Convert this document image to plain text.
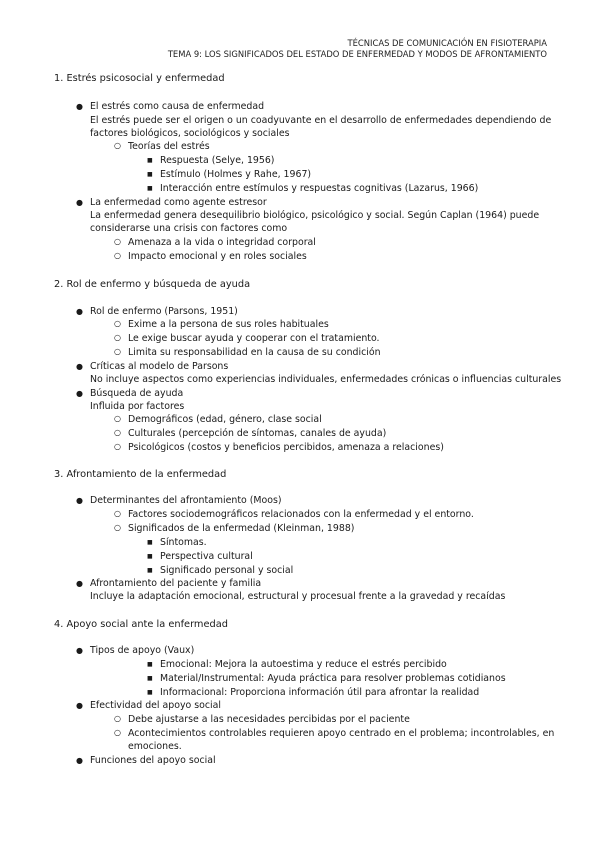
TÉCNICAS DE COMUNICACIÓN EN FISIOTERAPIA
TEMA 9: LOS SIGNIFICADOS DEL ESTADO DE ENFERMEDAD Y MODOS DE AFRONTAMIENTO
1. Estrés psicosocial y enfermedad
● El estrés como causa de enfermedad
El estrés puede ser el origen o un coadyuvante en el desarrollo de enfermedades dependiendo de
factores biológicos, sociológicos y sociales
○ Teorías del estrés
■ Respuesta (Selye, 1956)
■ Estímulo (Holmes y Rahe, 1967)
■ Interacción entre estímulos y respuestas cognitivas (Lazarus, 1966)
● La enfermedad como agente estresor
La enfermedad genera desequilibrio biológico, psicológico y social. Según Caplan (1964) puede
considerarse una crisis con factores como
○ Amenaza a la vida o integridad corporal
○ Impacto emocional y en roles sociales
2. Rol de enfermo y búsqueda de ayuda
● Rol de enfermo (Parsons, 1951)
○ Exime a la persona de sus roles habituales
○ Le exige buscar ayuda y cooperar con el tratamiento.
○ Limita su responsabilidad en la causa de su condición
● Críticas al modelo de Parsons
No incluye aspectos como experiencias individuales, enfermedades crónicas o influencias culturales
● Búsqueda de ayuda
Influida por factores
○ Demográficos (edad, género, clase social
○ Culturales (percepción de síntomas, canales de ayuda)
○ Psicológicos (costos y beneficios percibidos, amenaza a relaciones)
3. Afrontamiento de la enfermedad
● Determinantes del afrontamiento (Moos)
○ Factores sociodemográficos relacionados con la enfermedad y el entorno.
○ Significados de la enfermedad (Kleinman, 1988)
■ Síntomas.
■ Perspectiva cultural
■ Significado personal y social
● Afrontamiento del paciente y familia
Incluye la adaptación emocional, estructural y procesual frente a la gravedad y recaídas
4. Apoyo social ante la enfermedad
● Tipos de apoyo (Vaux)
■ Emocional: Mejora la autoestima y reduce el estrés percibido
■ Material/Instrumental: Ayuda práctica para resolver problemas cotidianos
■ Informacional: Proporciona información útil para afrontar la realidad
● Efectividad del apoyo social
○ Debe ajustarse a las necesidades percibidas por el paciente
○ Acontecimientos controlables requieren apoyo centrado en el problema; incontrolables, en
emociones.
● Funciones del apoyo social
